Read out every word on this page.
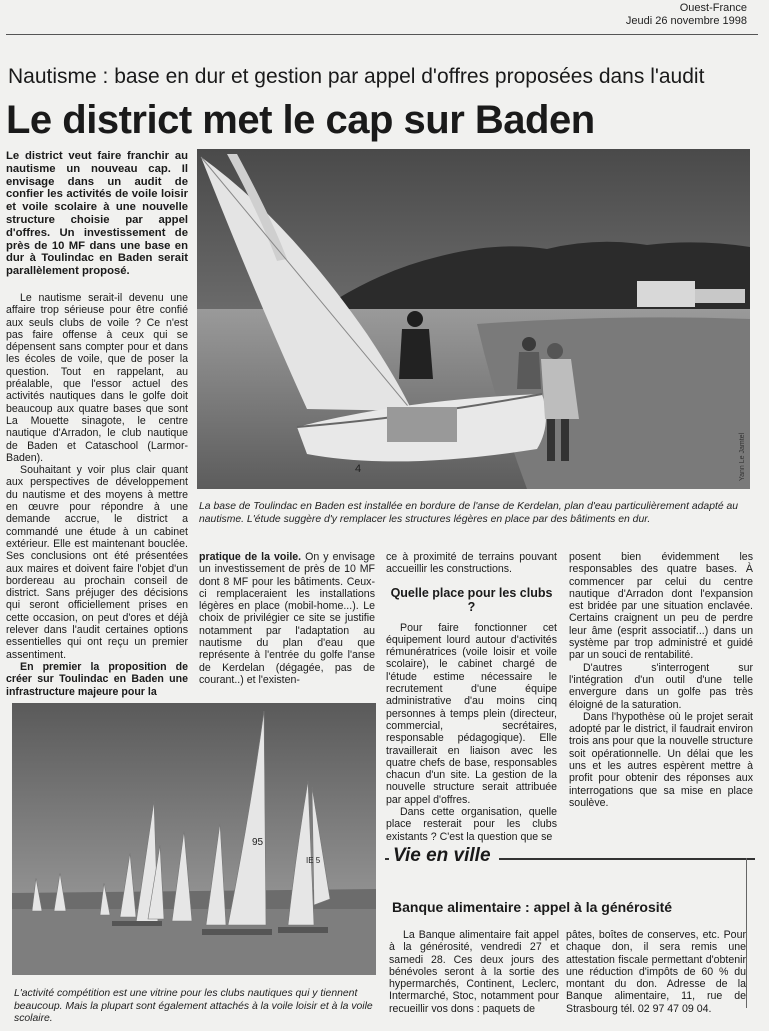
Ouest-France
Jeudi 26 novembre 1998
Nautisme : base en dur et gestion par appel d'offres proposées dans l'audit
Le district met le cap sur Baden
Le district veut faire franchir au nautisme un nouveau cap. Il envisage dans un audit de confier les activités de voile loisir et voile scolaire à une nouvelle structure choisie par appel d'offres. Un investissement de près de 10 MF dans une base en dur à Toulindac en Baden serait parallèlement proposé.

Le nautisme serait-il devenu une affaire trop sérieuse pour être confié aux seuls clubs de voile ? Ce n'est pas faire offense à ceux qui se dépensent sans compter pour et dans les écoles de voile, que de poser la question. Tout en rappelant, au préalable, que l'essor actuel des activités nautiques dans le golfe doit beaucoup aux quatre bases que sont La Mouette sinagote, le centre nautique d'Arradon, le club nautique de Baden et Cataschool (Larmor-Baden).

Souhaitant y voir plus clair quant aux perspectives de développement du nautisme et des moyens à mettre en œuvre pour répondre à une demande accrue, le district a commandé une étude à un cabinet extérieur. Elle est maintenant bouclée. Ses conclusions ont été présentées aux maires et doivent faire l'objet d'un bordereau au prochain conseil de district. Sans préjuger des décisions qui seront officiellement prises en cette occasion, on peut d'ores et déjà relever dans l'audit certaines options essentielles qui ont reçu un premier assentiment.

En premier la proposition de créer sur Toulindac en Baden une infrastructure majeure pour la

4	Yann Le Jamtel
La base de Toulindac en Baden est installée en bordure de l'anse de Kerdelan, plan d'eau particulièrement adapté au nautisme. L'étude suggère d'y remplacer les structures légères en place par des bâtiments en dur.

pratique de la voile. On y envisage un investissement de près de 10 MF dont 8 MF pour les bâtiments. Ceux-ci remplaceraient les installations légères en place (mobil-home...). Le choix de privilégier ce site se justifie notamment par l'adaptation au nautisme du plan d'eau que représente à l'entrée du golfe l'anse de Kerdelan (dégagée, pas de courant..) et l'existen-

ce à proximité de terrains pouvant accueillir les constructions.

Quelle place pour les clubs ?

Pour faire fonctionner cet équipement lourd autour d'activités rémunératrices (voile loisir et voile scolaire), le cabinet chargé de l'étude estime nécessaire le recrutement d'une équipe administrative d'au moins cinq personnes à temps plein (directeur, commercial, secrétaires, responsable pédagogique). Elle travaillerait en liaison avec les quatre chefs de base, responsables chacun d'un site. La gestion de la nouvelle structure serait attribuée par appel d'offres.

Dans cette organisation, quelle place resterait pour les clubs existants ? C'est la question que se

posent bien évidemment les responsables des quatre bases. À commencer par celui du centre nautique d'Arradon dont l'expansion est bridée par une situation enclavée. Certains craignent un peu de perdre leur âme (esprit associatif...) dans un système par trop administré et guidé par un souci de rentabilité.

D'autres s'interrogent sur l'intégration d'un outil d'une telle envergure dans un golfe pas très éloigné de la saturation.

Dans l'hypothèse où le projet serait adopté par le district, il faudrait environ trois ans pour que la nouvelle structure soit opérationnelle. Un délai que les uns et les autres espèrent mettre à profit pour obtenir des réponses aux interrogations que sa mise en place soulève.

95
IE 5
L'activité compétition est une vitrine pour les clubs nautiques qui y tiennent beaucoup. Mais la plupart sont également attachés à la voile loisir et à la voile scolaire.
Vie en ville
Banque alimentaire : appel à la générosité

La Banque alimentaire fait appel à la générosité, vendredi 27 et samedi 28. Ces deux jours des bénévoles seront à la sortie des hypermarchés, Continent, Leclerc, Intermarché, Stoc, notamment pour recueillir vos dons : paquets de

pâtes, boîtes de conserves, etc. Pour chaque don, il sera remis une attestation fiscale permettant d'obtenir une réduction d'impôts de 60 % du montant du don. Adresse de la Banque alimentaire, 11, rue de Strasbourg tél. 02 97 47 09 04.
